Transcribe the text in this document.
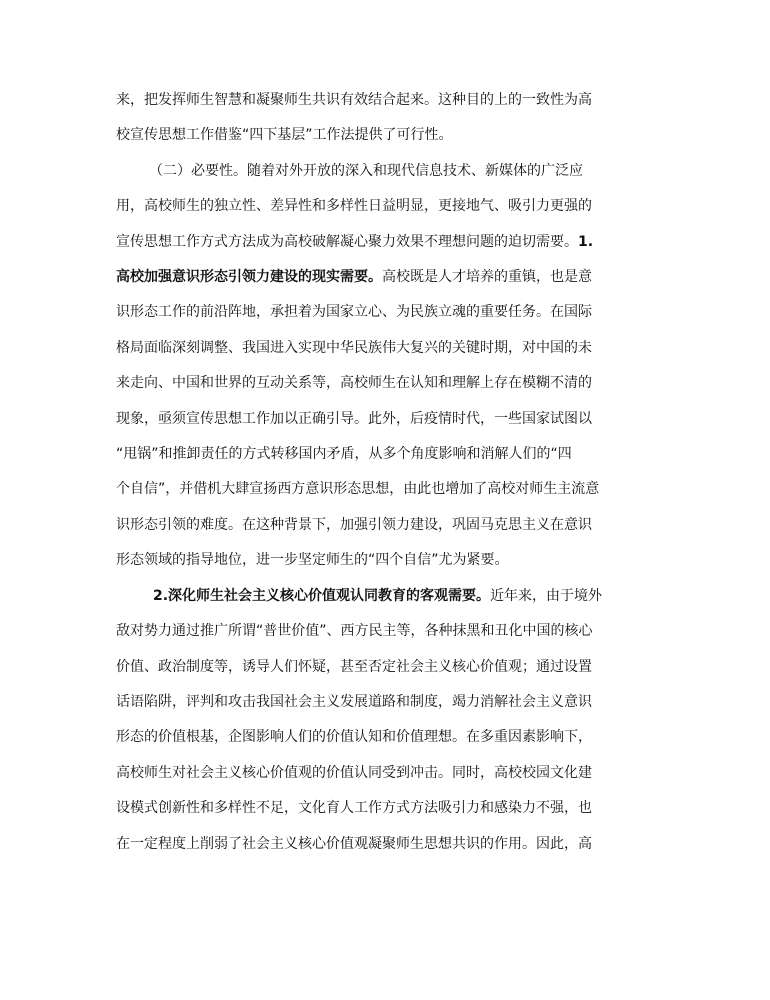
来，把发挥师生智慧和凝聚师生共识有效结合起来。这种目的上的一致性为高
校宣传思想工作借鉴“四下基层”工作法提供了可行性。

（二）必要性。随着对外开放的深入和现代信息技术、新媒体的广泛应
用，高校师生的独立性、差异性和多样性日益明显，更接地气、吸引力更强的
宣传思想工作方式方法成为高校破解凝心聚力效果不理想问题的迫切需要。1.
高校加强意识形态引领力建设的现实需要。高校既是人才培养的重镇，也是意
识形态工作的前沿阵地，承担着为国家立心、为民族立魂的重要任务。在国际
格局面临深刻调整、我国进入实现中华民族伟大复兴的关键时期，对中国的未
来走向、中国和世界的互动关系等，高校师生在认知和理解上存在模糊不清的
现象，亟须宣传思想工作加以正确引导。此外，后疫情时代，一些国家试图以
“甩锅”和推卸责任的方式转移国内矛盾，从多个角度影响和消解人们的“四
个自信”，并借机大肆宣扬西方意识形态思想，由此也增加了高校对师生主流意
识形态引领的难度。在这种背景下，加强引领力建设，巩固马克思主义在意识
形态领域的指导地位，进一步坚定师生的“四个自信”尤为紧要。

2.深化师生社会主义核心价值观认同教育的客观需要。近年来，由于境外
敌对势力通过推广所谓“普世价值”、西方民主等，各种抹黑和丑化中国的核心
价值、政治制度等，诱导人们怀疑，甚至否定社会主义核心价值观；通过设置
话语陷阱，评判和攻击我国社会主义发展道路和制度，竭力消解社会主义意识
形态的价值根基，企图影响人们的价值认知和价值理想。在多重因素影响下，
高校师生对社会主义核心价值观的价值认同受到冲击。同时，高校校园文化建
设模式创新性和多样性不足，文化育人工作方式方法吸引力和感染力不强，也
在一定程度上削弱了社会主义核心价值观凝聚师生思想共识的作用。因此，高
